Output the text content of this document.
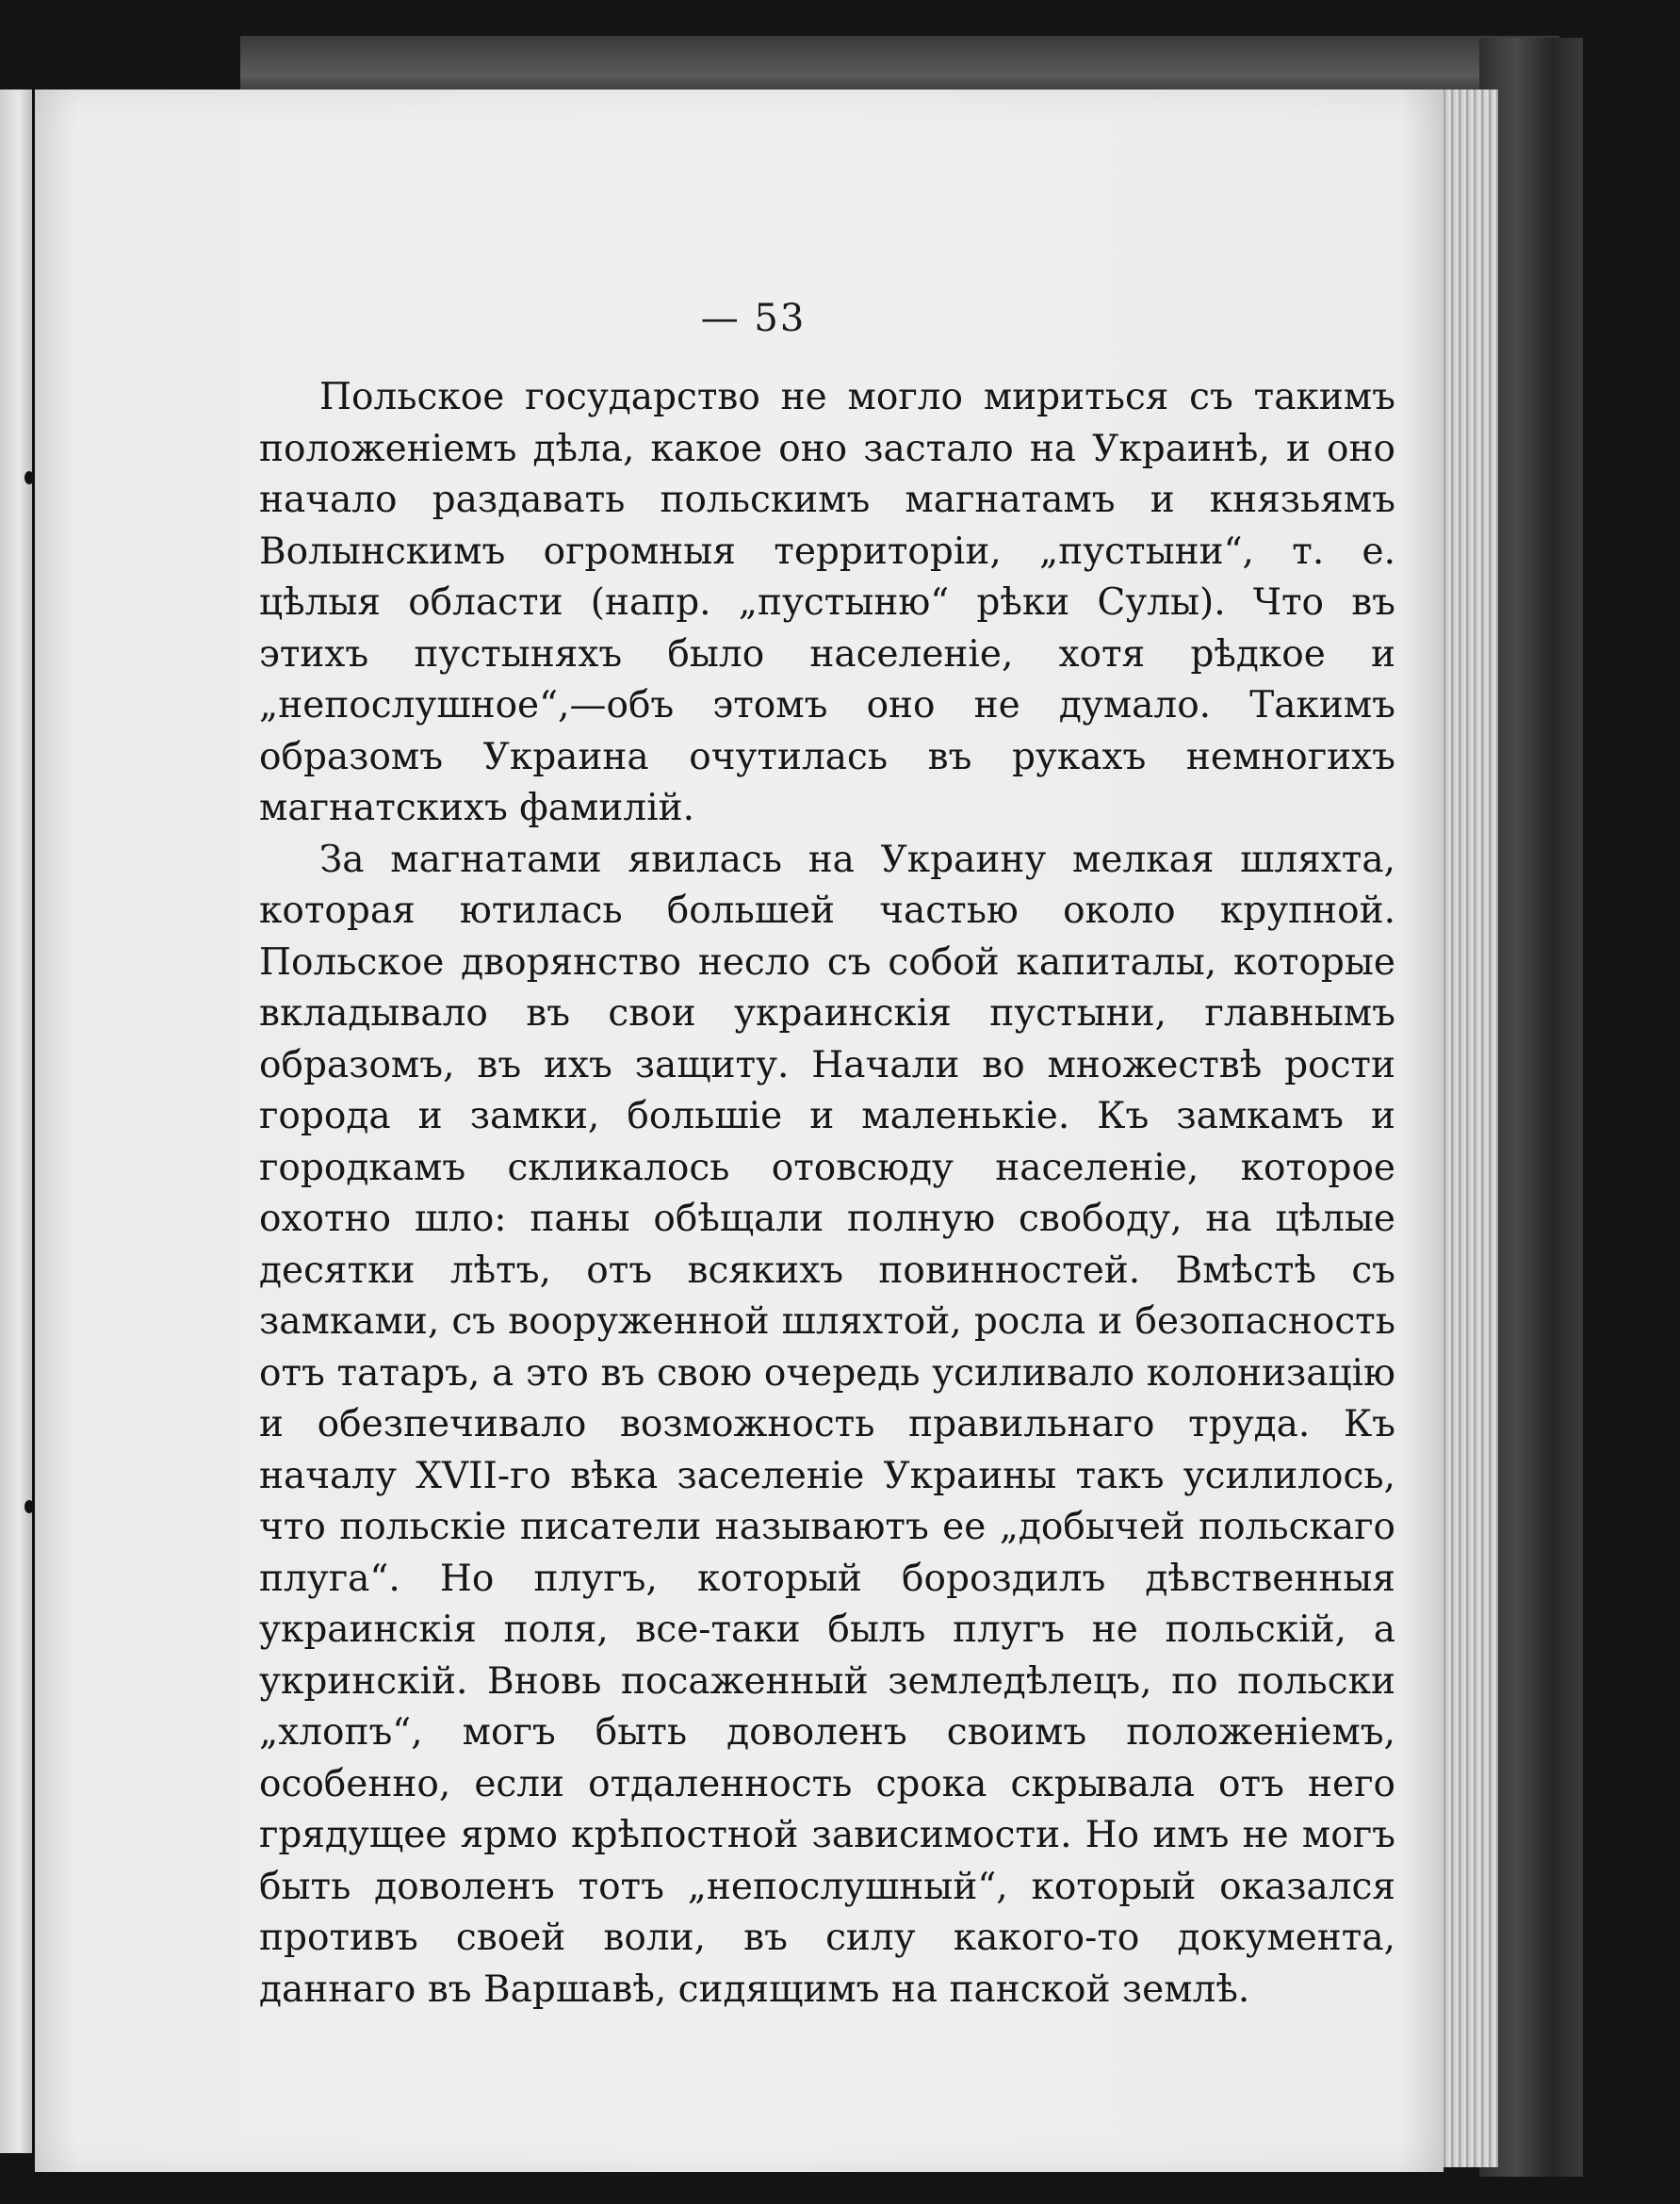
— 53

Польское государство не могло мириться съ такимъ положеніемъ дѣла, какое оно застало на Украинѣ, и оно начало раздавать польскимъ магнатамъ и князьямъ Волынскимъ огромныя территоріи, „пустыни“, т. е. цѣлыя области (напр. „пустыню“ рѣки Сулы). Что въ этихъ пустыняхъ было населеніе, хотя рѣдкое и „непослушное“,—объ этомъ оно не думало. Такимъ образомъ Украина очутилась въ рукахъ немногихъ магнатскихъ фамилій.

За магнатами явилась на Украину мелкая шляхта, которая ютилась большей частью около крупной. Польское дворянство несло съ собой капиталы, которые вкладывало въ свои украинскія пустыни, главнымъ образомъ, въ ихъ защиту. Начали во множествѣ рости города и замки, большіе и маленькіе. Къ замкамъ и городкамъ скликалось отовсюду населеніе, которое охотно шло: паны обѣщали полную свободу, на цѣлые десятки лѣтъ, отъ всякихъ повинностей. Вмѣстѣ съ замками, съ вооруженной шляхтой, росла и безопасность отъ татаръ, а это въ свою очередь усиливало колонизацію и обезпечивало возможность правильнаго труда. Къ началу XVII-го вѣка заселеніе Украины такъ усилилось, что польскіе писатели называютъ ее „добычей польскаго плуга“. Но плугъ, который бороздилъ дѣвственныя украинскія поля, все-таки былъ плугъ не польскій, а укринскій. Вновь посаженный земледѣлецъ, по польски „хлопъ“, могъ быть доволенъ своимъ положеніемъ, особенно, если отдаленность срока скрывала отъ него грядущее ярмо крѣпостной зависимости. Но имъ не могъ быть доволенъ тотъ „непослушный“, который оказался противъ своей воли, въ силу какого-то документа, даннаго въ Варшавѣ, сидящимъ на панской землѣ.
